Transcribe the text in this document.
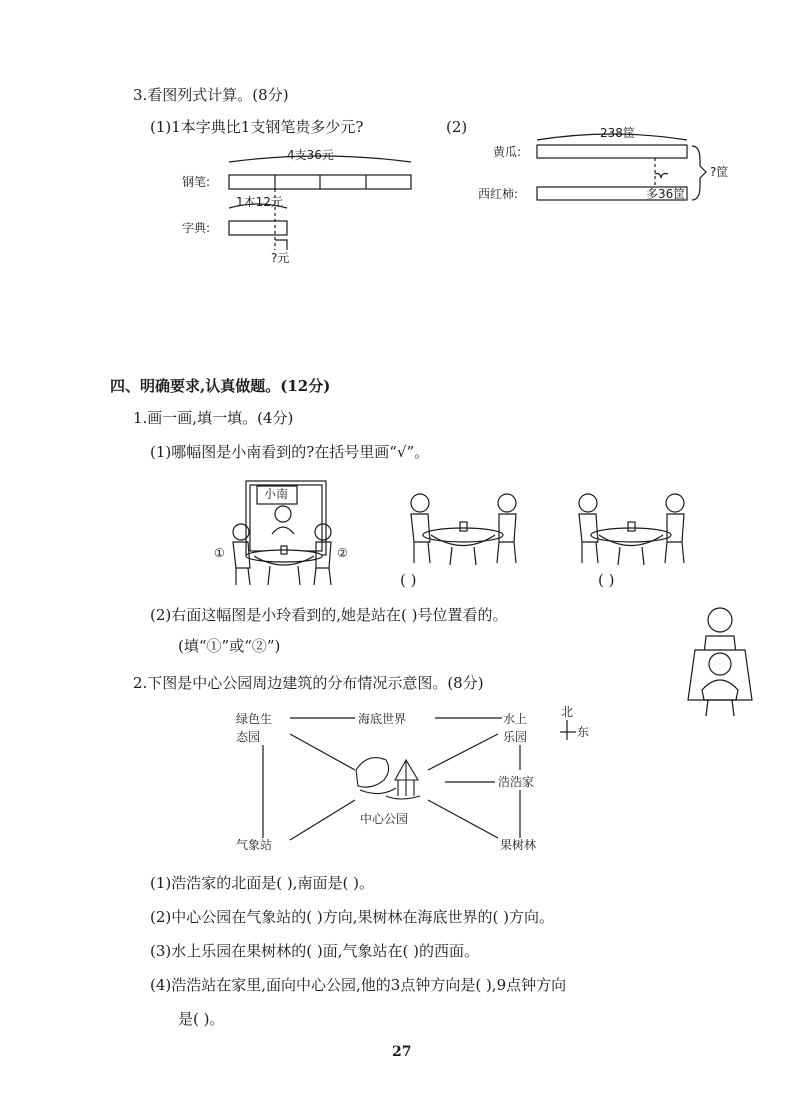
3.看图列式计算。(8分)
(1)1本字典比1支钢笔贵多少元?	(2)
4支36元
钢笔:
1本12元
字典:
?元
238筐
黄瓜:
西红柿:	多36筐
?筐
四、明确要求,认真做题。(12分)
1.画一画,填一填。(4分)
(1)哪幅图是小南看到的?在括号里画“√”。
小南
①	②
( )	( )
(2)右面这幅图是小玲看到的,她是站在( )号位置看的。
(填“①”或“②”)
2.下图是中心公园周边建筑的分布情况示意图。(8分)
绿色生
态园
海底世界	水上
乐园
浩浩家
中心公园
气象站	果树林
北
东
(1)浩浩家的北面是( ),南面是( )。
(2)中心公园在气象站的( )方向,果树林在海底世界的( )方向。
(3)水上乐园在果树林的( )面,气象站在( )的西面。
(4)浩浩站在家里,面向中心公园,他的3点钟方向是( ),9点钟方向
是( )。
27
